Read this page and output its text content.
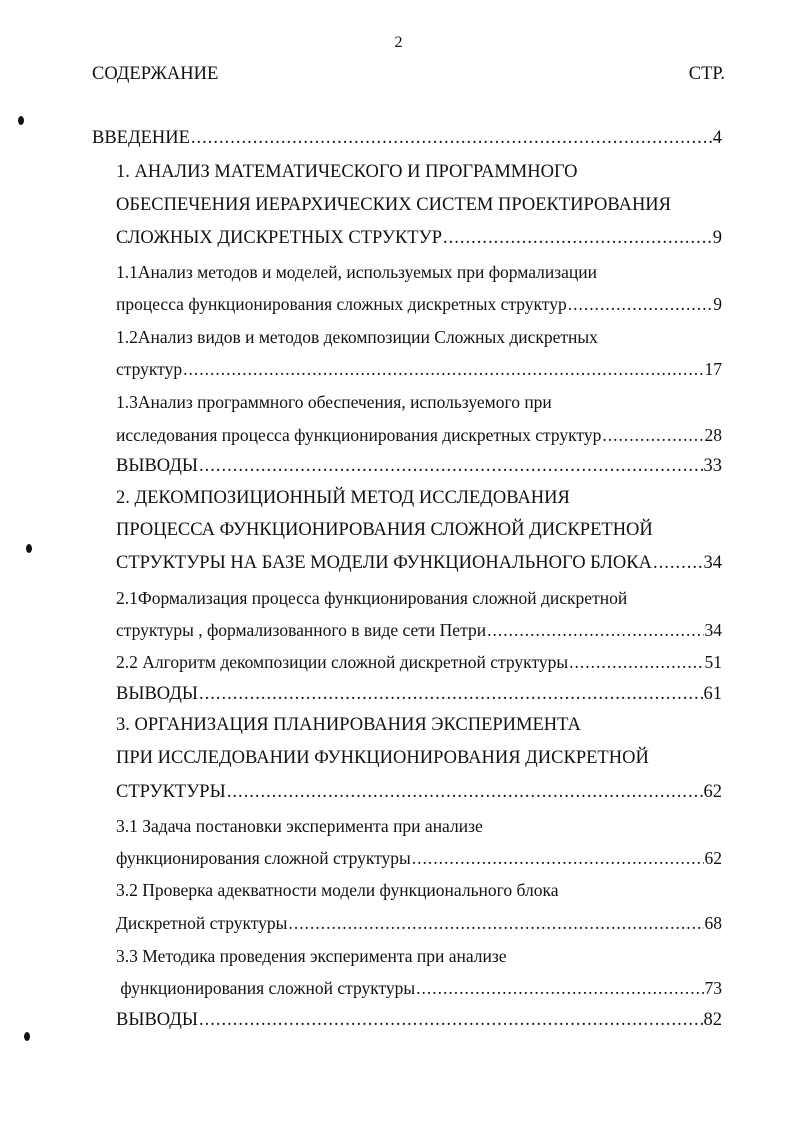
2
СОДЕРЖАНИЕ	СТР.
ВВЕДЕНИЕ .....	4
1. АНАЛИЗ МАТЕМАТИЧЕСКОГО И ПРОГРАММНОГО
ОБЕСПЕЧЕНИЯ ИЕРАРХИЧЕСКИХ СИСТЕМ ПРОЕКТИРОВАНИЯ
СЛОЖНЫХ ДИСКРЕТНЫХ СТРУКТУР .....	9
1.1Анализ методов и моделей, используемых при формализации
процесса функционирования сложных дискретных структур .....	9
1.2Анализ видов и методов декомпозиции Сложных дискретных
структур .....	17
1.3Анализ программного обеспечения, используемого при
исследования процесса функционирования дискретных структур .....	28
ВЫВОДЫ .....	33
2. ДЕКОМПОЗИЦИОННЫЙ МЕТОД ИССЛЕДОВАНИЯ
ПРОЦЕССА ФУНКЦИОНИРОВАНИЯ СЛОЖНОЙ ДИСКРЕТНОЙ
СТРУКТУРЫ НА БАЗЕ МОДЕЛИ ФУНКЦИОНАЛЬНОГО БЛОКА .....	34
2.1Формализация процесса функционирования сложной дискретной
структуры , формализованного в виде сети Петри .....	34
2.2 Алгоритм декомпозиции сложной дискретной структуры .....	51
ВЫВОДЫ .....	61
3. ОРГАНИЗАЦИЯ ПЛАНИРОВАНИЯ ЭКСПЕРИМЕНТА
ПРИ ИССЛЕДОВАНИИ ФУНКЦИОНИРОВАНИЯ ДИСКРЕТНОЙ
СТРУКТУРЫ .....	62
3.1 Задача постановки эксперимента при анализе
функционирования сложной структуры .....	62
3.2 Проверка адекватности модели функционального блока
Дискретной структуры .....	68
3.3 Методика проведения эксперимента при анализе
функционирования сложной структуры .....	73
ВЫВОДЫ .....	82
